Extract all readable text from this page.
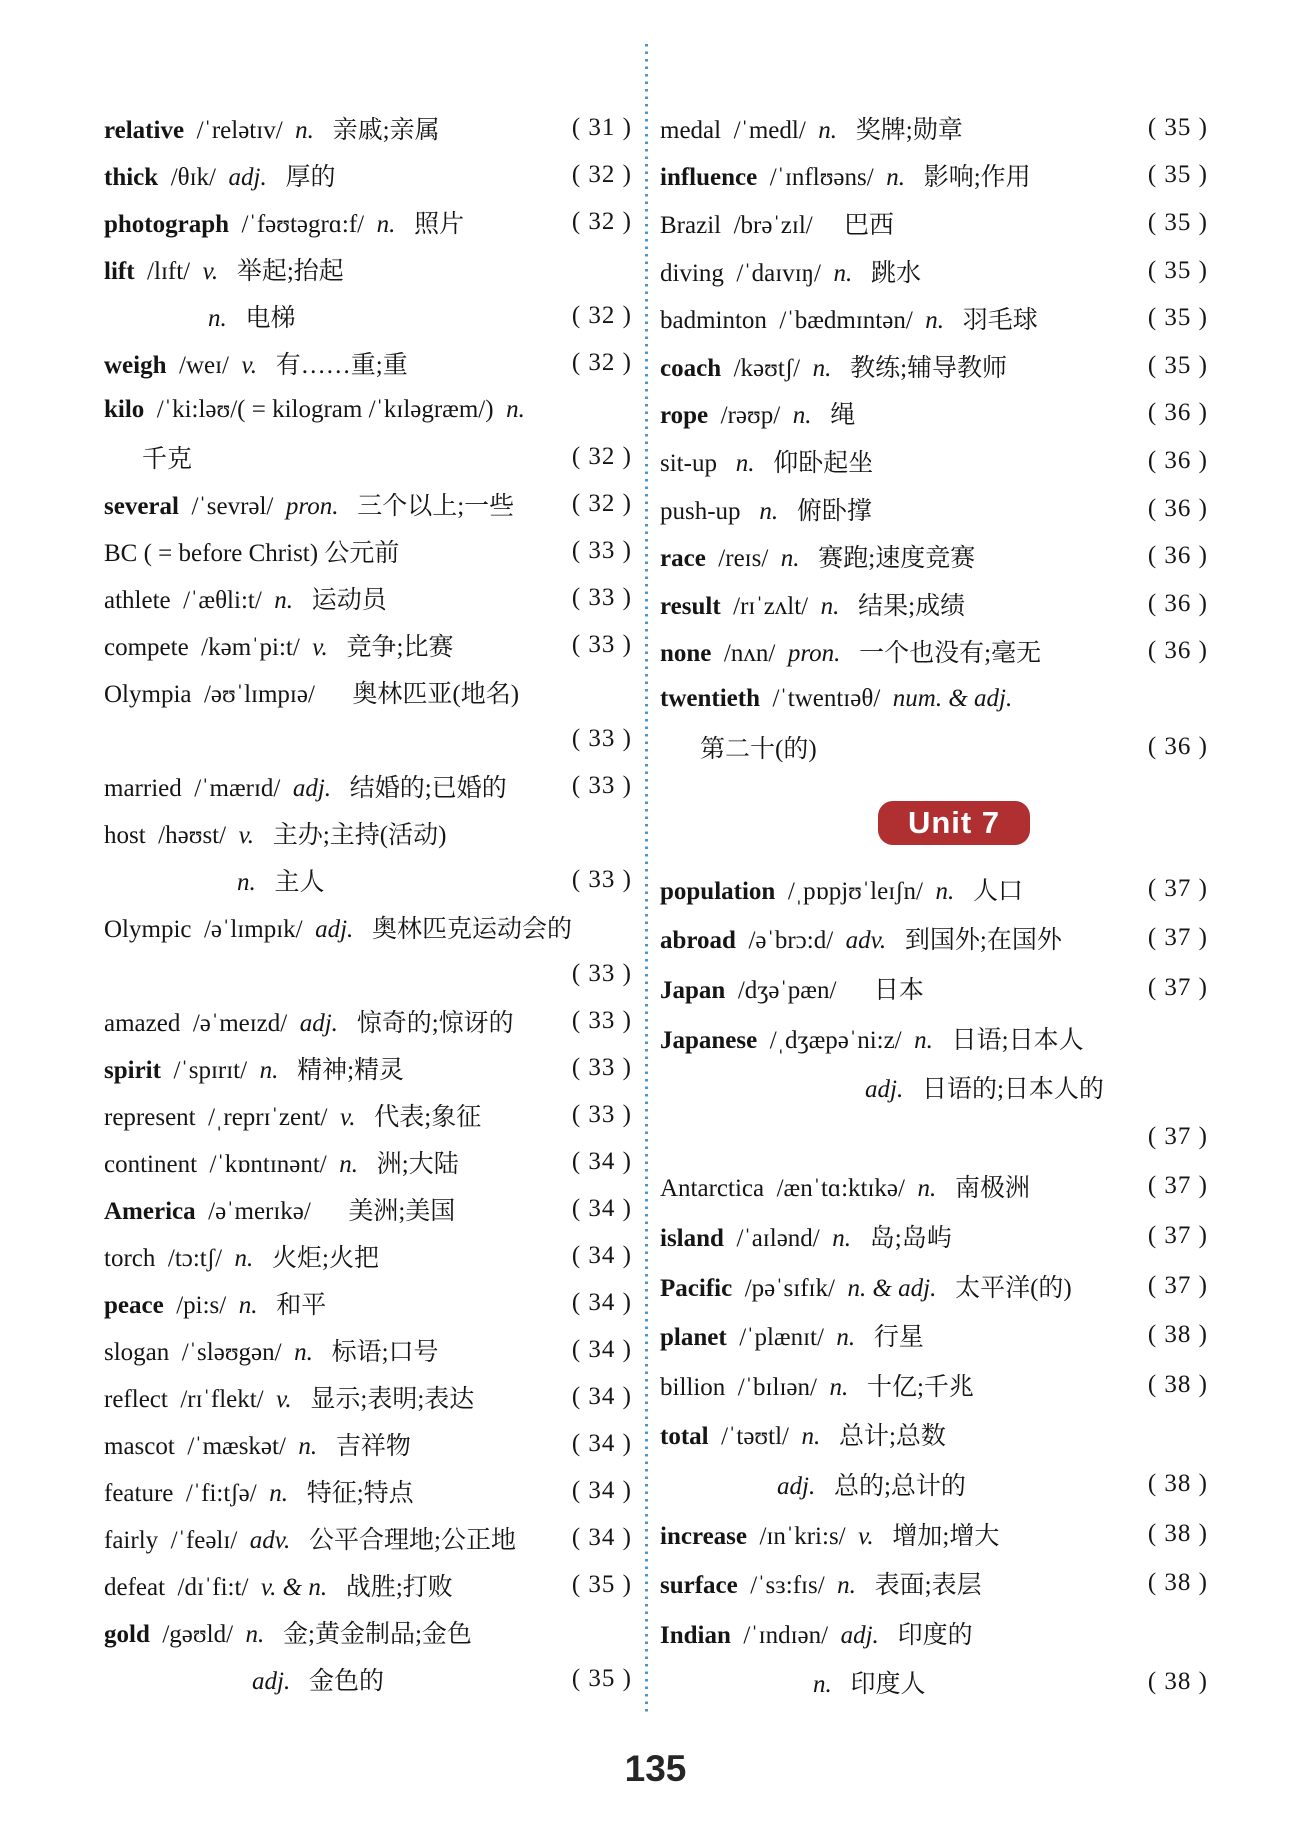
relative  /ˈrelətɪv/  n.   亲戚;亲属	( 31 )
thick  /θɪk/  adj.   厚的	( 32 )
photograph  /ˈfəʊtəgrɑ:f/  n.   照片	( 32 )
lift  /lɪft/  v.   举起;抬起
n.   电梯	( 32 )
weigh  /weɪ/  v.   有……重;重	( 32 )
kilo  /ˈki:ləʊ/( = kilogram /ˈkɪləgræm/)  n.
千克	( 32 )
several  /ˈsevrəl/  pron.   三个以上;一些 ( 32 )
BC ( = before Christ) 公元前	( 33 )
athlete  /ˈæθli:t/  n.   运动员	( 33 )
compete  /kəmˈpi:t/  v.   竞争;比赛	( 33 )
Olympia  /əʊˈlɪmpɪə/      奥林匹亚(地名)
( 33 )
married  /ˈmærɪd/  adj.   结婚的;已婚的	( 33 )
host  /həʊst/  v.   主办;主持(活动)
n.   主人	( 33 )
Olympic  /əˈlɪmpɪk/  adj.   奥林匹克运动会的
( 33 )
amazed  /əˈmeɪzd/  adj.   惊奇的;惊讶的 ( 33 )
spirit  /ˈspɪrɪt/  n.   精神;精灵	( 33 )
represent  /ˌreprɪˈzent/  v.   代表;象征	( 33 )
continent  /ˈkɒntɪnənt/  n.   洲;大陆	( 34 )
America  /əˈmerɪkə/      美洲;美国	( 34 )
torch  /tɔ:tʃ/  n.   火炬;火把	( 34 )
peace  /pi:s/  n.   和平	( 34 )
slogan  /ˈsləʊgən/  n.   标语;口号	( 34 )
reflect  /rɪˈflekt/  v.   显示;表明;表达	( 34 )
mascot  /ˈmæskət/  n.   吉祥物	( 34 )
feature  /ˈfi:tʃə/  n.   特征;特点	( 34 )
fairly  /ˈfeəlɪ/  adv.   公平合理地;公正地 ( 34 )
defeat  /dɪˈfi:t/  v. & n.   战胜;打败	( 35 )
gold  /gəʊld/  n.   金;黄金制品;金色
adj.   金色的	( 35 )
medal  /ˈmedl/  n.   奖牌;勋章	( 35 )
influence  /ˈɪnflʊəns/  n.   影响;作用	( 35 )
Brazil  /brəˈzɪl/     巴西	( 35 )
diving  /ˈdaɪvɪŋ/  n.   跳水	( 35 )
badminton  /ˈbædmɪntən/  n.   羽毛球	( 35 )
coach  /kəʊtʃ/  n.   教练;辅导教师	( 35 )
rope  /rəʊp/  n.   绳	( 36 )
sit-up   n.   仰卧起坐	( 36 )
push-up   n.   俯卧撑	( 36 )
race  /reɪs/  n.   赛跑;速度竞赛	( 36 )
result  /rɪˈzʌlt/  n.   结果;成绩	( 36 )
none  /nʌn/  pron.   一个也没有;毫无	( 36 )
twentieth  /ˈtwentɪəθ/  num. & adj.
第二十(的)	( 36 )
Unit 7
population  /ˌpɒpjʊˈleɪʃn/  n.   人口	( 37 )
abroad  /əˈbrɔ:d/  adv.   到国外;在国外	( 37 )
Japan  /dʒəˈpæn/      日本	( 37 )
Japanese  /ˌdʒæpəˈni:z/  n.   日语;日本人
adj.   日语的;日本人的
( 37 )
Antarctica  /ænˈtɑ:ktɪkə/  n.   南极洲	( 37 )
island  /ˈaɪlənd/  n.   岛;岛屿	( 37 )
Pacific  /pəˈsɪfɪk/  n. & adj.   太平洋(的)	( 37 )
planet  /ˈplænɪt/  n.   行星	( 38 )
billion  /ˈbɪlɪən/  n.   十亿;千兆	( 38 )
total  /ˈtəʊtl/  n.   总计;总数
adj.   总的;总计的	( 38 )
increase  /ɪnˈkri:s/  v.   增加;增大	( 38 )
surface  /ˈsɜ:fɪs/  n.   表面;表层	( 38 )
Indian  /ˈɪndɪən/  adj.   印度的
n.   印度人	( 38 )
135
